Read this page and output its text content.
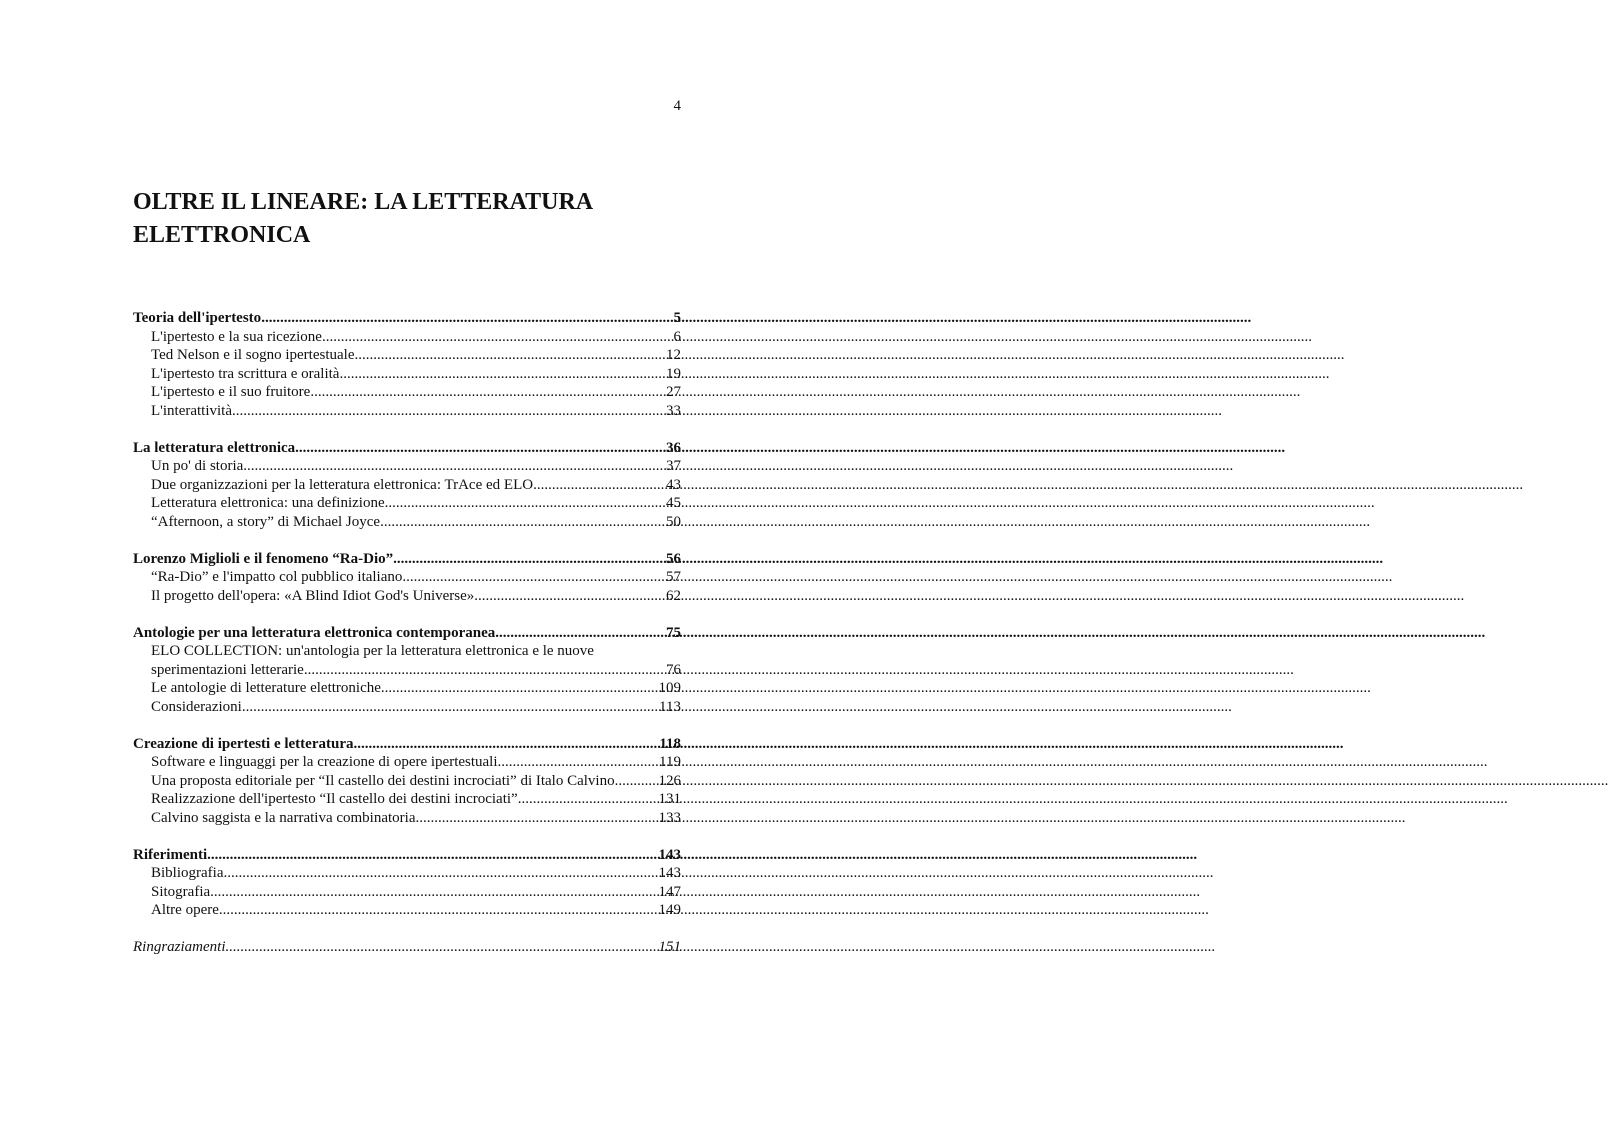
4
OLTRE IL LINEARE: LA LETTERATURA ELETTRONICA
Teoria dell'ipertesto .....	5
L'ipertesto e la sua ricezione .....	6
Ted Nelson e il sogno ipertestuale .....	12
L'ipertesto tra scrittura e oralità .....	19
L'ipertesto e il suo fruitore .....	27
L'interattività .....	33
La letteratura elettronica .....	36
Un po' di storia .....	37
Due organizzazioni per la letteratura elettronica: TrAce ed ELO .....	43
Letteratura elettronica: una definizione .....	45
“Afternoon, a story” di Michael Joyce .....	50
Lorenzo Miglioli e il fenomeno “Ra-Dio” .....	56
“Ra-Dio” e l'impatto col pubblico italiano .....	57
Il progetto dell'opera: «A Blind Idiot God's Universe» .....	62
Antologie per una letteratura elettronica contemporanea .....	75
ELO COLLECTION: un'antologia per la letteratura elettronica e le nuove
sperimentazioni letterarie .....	76
Le antologie di letterature elettroniche .....	109
Considerazioni .....	113
Creazione di ipertesti e letteratura .....	118
Software e linguaggi per la creazione di opere ipertestuali .....	119
Una proposta editoriale per “Il castello dei destini incrociati” di Italo Calvino. .....	126
Realizzazione dell'ipertesto “Il castello dei destini incrociati” .....	131
Calvino saggista e la narrativa combinatoria .....	133
Riferimenti .....	143
Bibliografia .....	143
Sitografia .....	147
Altre opere .....	149
Ringraziamenti .....	151
